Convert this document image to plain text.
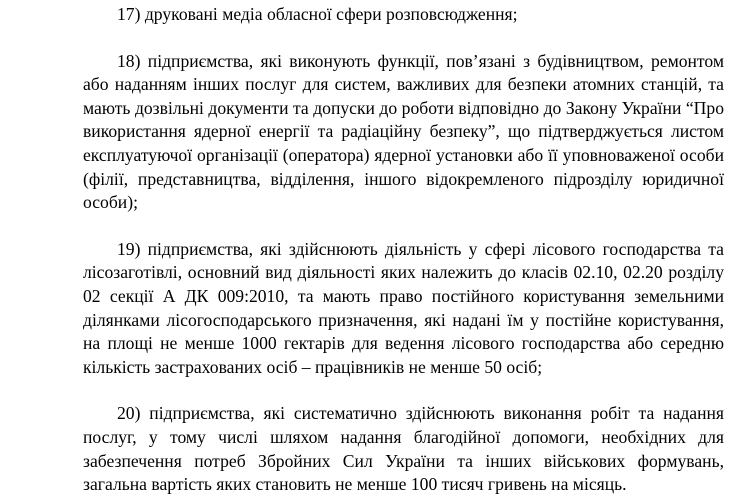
17) друковані медіа обласної сфери розповсюдження;

18) підприємства, які виконують функції, пов’язані з будівництвом, ремонтом або наданням інших послуг для систем, важливих для безпеки атомних станцій, та мають дозвільні документи та допуски до роботи відповідно до Закону України “Про використання ядерної енергії та радіаційну безпеку”, що підтверджується листом експлуатуючої організації (оператора) ядерної установки або її уповноваженої особи (філії, представництва, відділення, іншого відокремленого підрозділу юридичної особи);

19) підприємства, які здійснюють діяльність у сфері лісового господарства та лісозаготівлі, основний вид діяльності яких належить до класів 02.10, 02.20 розділу 02 секції А ДК 009:2010, та мають право постійного користування земельними ділянками лісогосподарського призначення, які надані їм у постійне користування, на площі не менше 1000 гектарів для ведення лісового господарства або середню кількість застрахованих осіб – працівників не менше 50 осіб;

20) підприємства, які систематично здійснюють виконання робіт та надання послуг, у тому числі шляхом надання благодійної допомоги, необхідних для забезпечення потреб Збройних Сил України та інших військових формувань, загальна вартість яких становить не менше 100 тисяч гривень на місяць.
